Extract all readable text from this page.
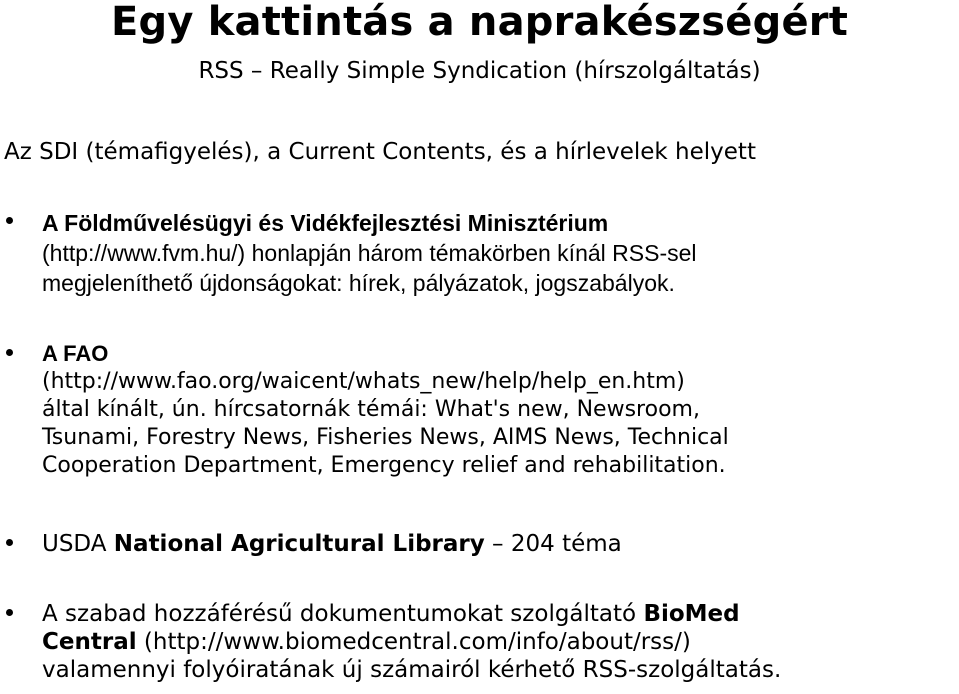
Egy kattintás a naprakészségért
RSS – Really Simple Syndication (hírszolgáltatás)
Az SDI (témafigyelés), a Current Contents, és a hírlevelek helyett
A Földművelésügyi és Vidékfejlesztési Minisztérium
(http://www.fvm.hu/) honlapján három témakörben kínál RSS-sel
megjeleníthető újdonságokat: hírek, pályázatok, jogszabályok.
A FAO
(http://www.fao.org/waicent/whats_new/help/help_en.htm)
által kínált, ún. hírcsatornák témái: What's new, Newsroom,
Tsunami, Forestry News, Fisheries News, AIMS News, Technical
Cooperation Department, Emergency relief and rehabilitation.
USDA National Agricultural Library – 204 téma
A szabad hozzáférésű dokumentumokat szolgáltató BioMed
Central (http://www.biomedcentral.com/info/about/rss/)
valamennyi folyóiratának új számairól kérhető RSS-szolgáltatás.
